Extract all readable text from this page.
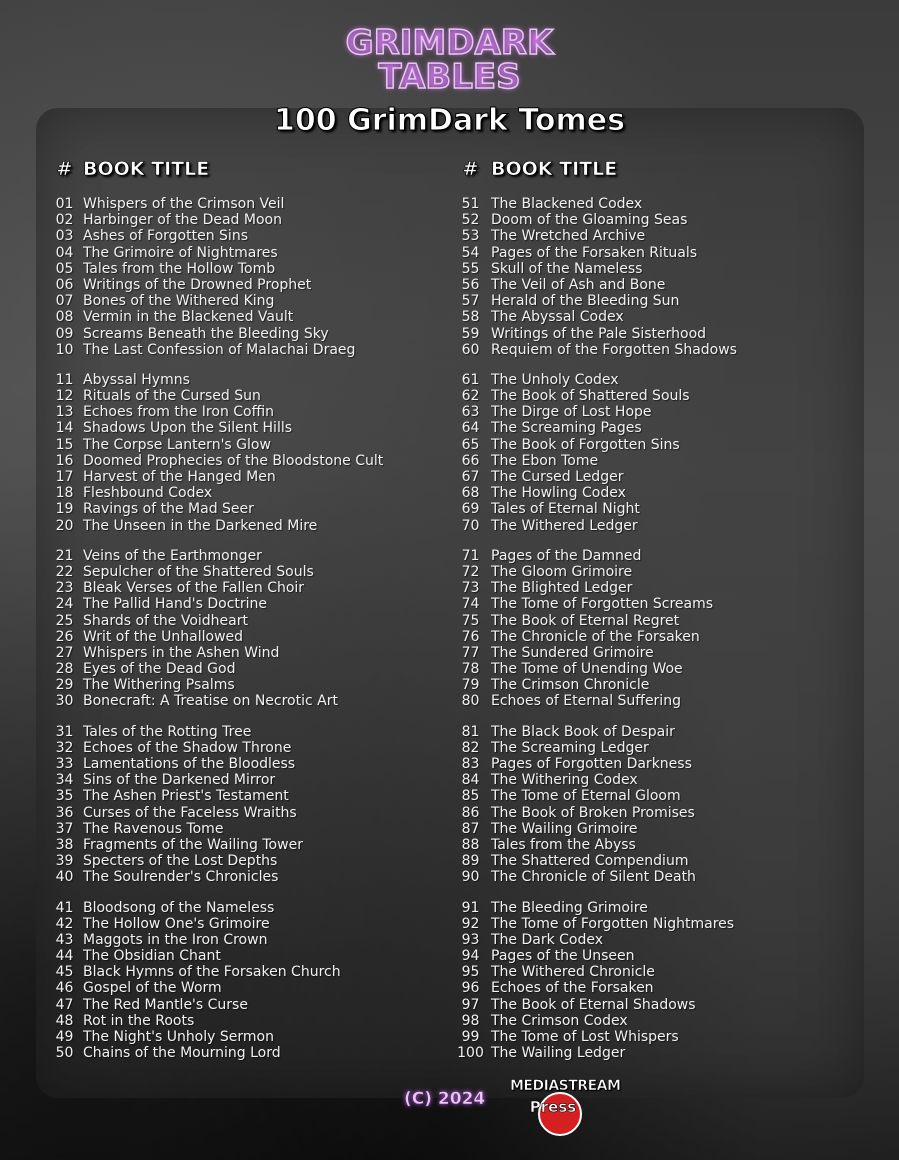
GRIMDARK
TABLES
100 GrimDark Tomes
# BOOK TITLE
01 Whispers of the Crimson Veil
02 Harbinger of the Dead Moon
03 Ashes of Forgotten Sins
04 The Grimoire of Nightmares
05 Tales from the Hollow Tomb
06 Writings of the Drowned Prophet
07 Bones of the Withered King
08 Vermin in the Blackened Vault
09 Screams Beneath the Bleeding Sky
10 The Last Confession of Malachai Draeg
11 Abyssal Hymns
12 Rituals of the Cursed Sun
13 Echoes from the Iron Coffin
14 Shadows Upon the Silent Hills
15 The Corpse Lantern's Glow
16 Doomed Prophecies of the Bloodstone Cult
17 Harvest of the Hanged Men
18 Fleshbound Codex
19 Ravings of the Mad Seer
20 The Unseen in the Darkened Mire
21 Veins of the Earthmonger
22 Sepulcher of the Shattered Souls
23 Bleak Verses of the Fallen Choir
24 The Pallid Hand's Doctrine
25 Shards of the Voidheart
26 Writ of the Unhallowed
27 Whispers in the Ashen Wind
28 Eyes of the Dead God
29 The Withering Psalms
30 Bonecraft: A Treatise on Necrotic Art
31 Tales of the Rotting Tree
32 Echoes of the Shadow Throne
33 Lamentations of the Bloodless
34 Sins of the Darkened Mirror
35 The Ashen Priest's Testament
36 Curses of the Faceless Wraiths
37 The Ravenous Tome
38 Fragments of the Wailing Tower
39 Specters of the Lost Depths
40 The Soulrender's Chronicles
41 Bloodsong of the Nameless
42 The Hollow One's Grimoire
43 Maggots in the Iron Crown
44 The Obsidian Chant
45 Black Hymns of the Forsaken Church
46 Gospel of the Worm
47 The Red Mantle's Curse
48 Rot in the Roots
49 The Night's Unholy Sermon
50 Chains of the Mourning Lord
# BOOK TITLE
51 The Blackened Codex
52 Doom of the Gloaming Seas
53 The Wretched Archive
54 Pages of the Forsaken Rituals
55 Skull of the Nameless
56 The Veil of Ash and Bone
57 Herald of the Bleeding Sun
58 The Abyssal Codex
59 Writings of the Pale Sisterhood
60 Requiem of the Forgotten Shadows
61 The Unholy Codex
62 The Book of Shattered Souls
63 The Dirge of Lost Hope
64 The Screaming Pages
65 The Book of Forgotten Sins
66 The Ebon Tome
67 The Cursed Ledger
68 The Howling Codex
69 Tales of Eternal Night
70 The Withered Ledger
71 Pages of the Damned
72 The Gloom Grimoire
73 The Blighted Ledger
74 The Tome of Forgotten Screams
75 The Book of Eternal Regret
76 The Chronicle of the Forsaken
77 The Sundered Grimoire
78 The Tome of Unending Woe
79 The Crimson Chronicle
80 Echoes of Eternal Suffering
81 The Black Book of Despair
82 The Screaming Ledger
83 Pages of Forgotten Darkness
84 The Withering Codex
85 The Tome of Eternal Gloom
86 The Book of Broken Promises
87 The Wailing Grimoire
88 Tales from the Abyss
89 The Shattered Compendium
90 The Chronicle of Silent Death
91 The Bleeding Grimoire
92 The Tome of Forgotten Nightmares
93 The Dark Codex
94 Pages of the Unseen
95 The Withered Chronicle
96 Echoes of the Forsaken
97 The Book of Eternal Shadows
98 The Crimson Codex
99 The Tome of Lost Whispers
100 The Wailing Ledger
(C) 2024
MEDIASTREAM
Press
